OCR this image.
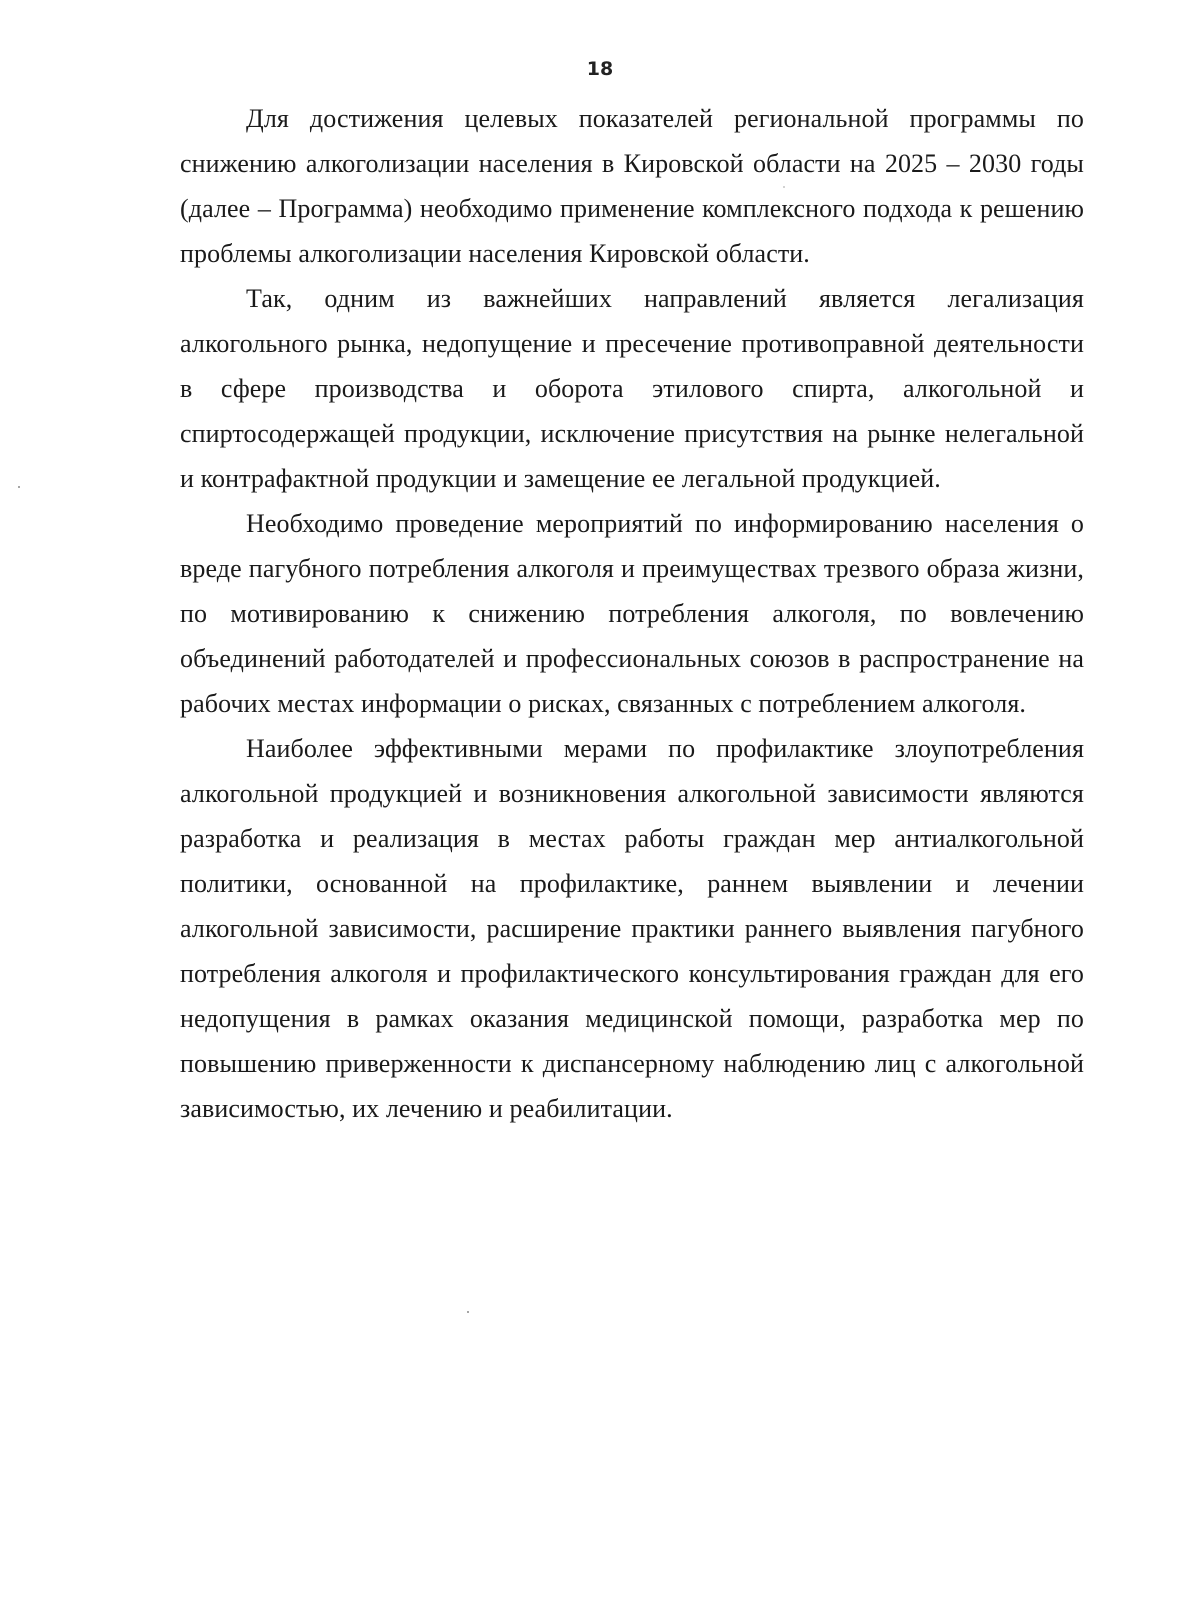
18

Для достижения целевых показателей региональной программы по снижению алкоголизации населения в Кировской области на 2025 – 2030 годы (далее – Программа) необходимо применение комплексного подхода к решению проблемы алкоголизации населения Кировской области.

Так, одним из важнейших направлений является легализация алкогольного рынка, недопущение и пресечение противоправной деятельности в сфере производства и оборота этилового спирта, алкогольной и спиртосодержащей продукции, исключение присутствия на рынке нелегальной и контрафактной продукции и замещение ее легальной продукцией.

Необходимо проведение мероприятий по информированию населения о вреде пагубного потребления алкоголя и преимуществах трезвого образа жизни, по мотивированию к снижению потребления алкоголя, по вовлечению объединений работодателей и профессиональных союзов в распространение на рабочих местах информации о рисках, связанных с потреблением алкоголя.

Наиболее эффективными мерами по профилактике злоупотребления алкогольной продукцией и возникновения алкогольной зависимости являются разработка и реализация в местах работы граждан мер антиалкогольной политики, основанной на профилактике, раннем выявлении и лечении алкогольной зависимости, расширение практики раннего выявления пагубного потребления алкоголя и профилактического консультирования граждан для его недопущения в рамках оказания медицинской помощи, разработка мер по повышению приверженности к диспансерному наблюдению лиц с алкогольной зависимостью, их лечению и реабилитации.
